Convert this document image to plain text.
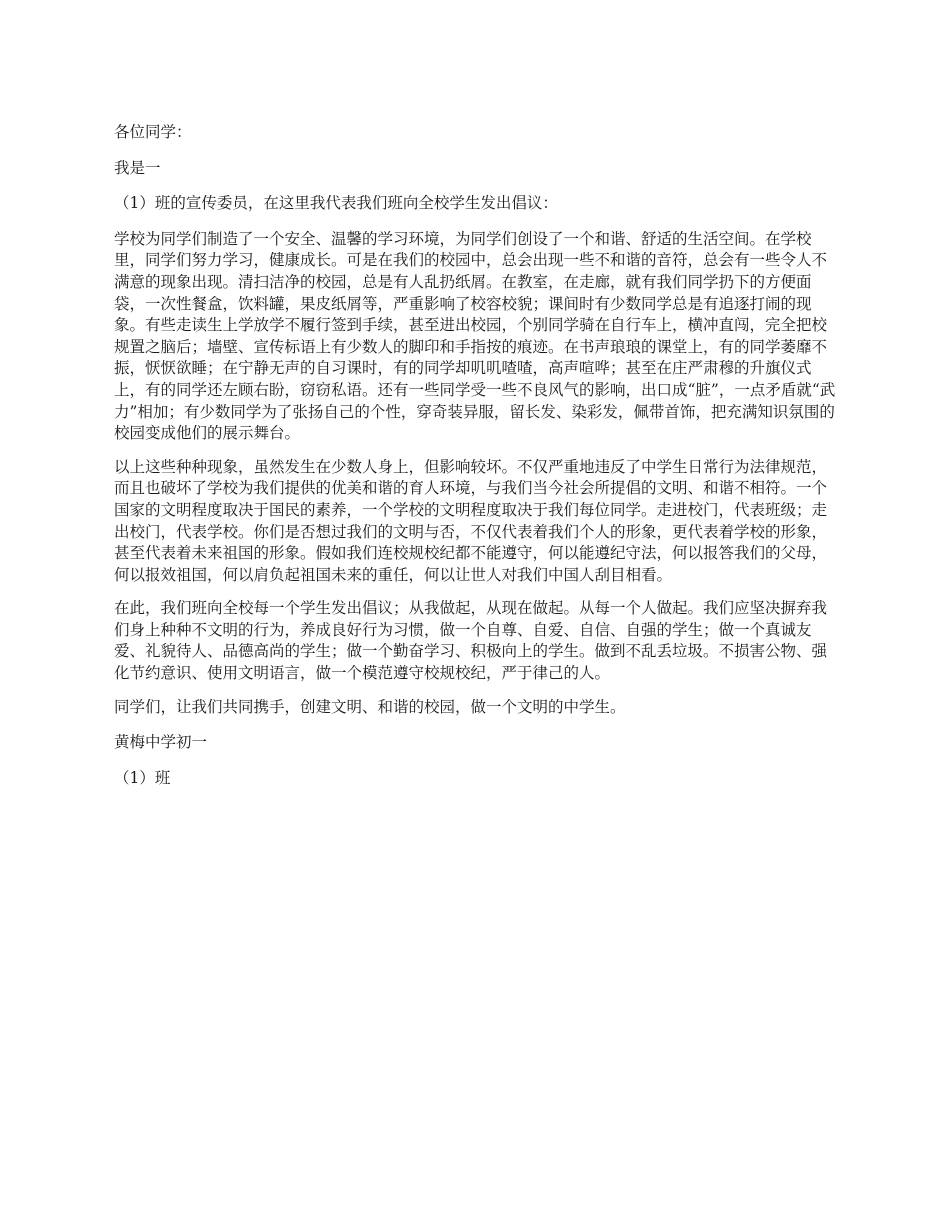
各位同学：

我是一

（1）班的宣传委员，在这里我代表我们班向全校学生发出倡议：

学校为同学们制造了一个安全、温馨的学习环境，为同学们创设了一个和谐、舒适的生活空间。在学校里，同学们努力学习，健康成长。可是在我们的校园中，总会出现一些不和谐的音符，总会有一些令人不满意的现象出现。清扫洁净的校园，总是有人乱扔纸屑。在教室，在走廊，就有我们同学扔下的方便面袋，一次性餐盒，饮料罐，果皮纸屑等，严重影响了校容校貌；课间时有少数同学总是有追逐打闹的现象。有些走读生上学放学不履行签到手续，甚至进出校园，个别同学骑在自行车上，横冲直闯，完全把校规置之脑后；墙壁、宣传标语上有少数人的脚印和手指按的痕迹。在书声琅琅的课堂上，有的同学萎靡不振，恹恹欲睡；在宁静无声的自习课时，有的同学却叽叽喳喳，高声喧哗；甚至在庄严肃穆的升旗仪式上，有的同学还左顾右盼，窃窃私语。还有一些同学受一些不良风气的影响，出口成“脏”，一点矛盾就“武力”相加；有少数同学为了张扬自己的个性，穿奇装异服，留长发、染彩发，佩带首饰，把充满知识氛围的校园变成他们的展示舞台。

以上这些种种现象，虽然发生在少数人身上，但影响较坏。不仅严重地违反了中学生日常行为法律规范，而且也破坏了学校为我们提供的优美和谐的育人环境，与我们当今社会所提倡的文明、和谐不相符。一个国家的文明程度取决于国民的素养，一个学校的文明程度取决于我们每位同学。走进校门，代表班级；走出校门，代表学校。你们是否想过我们的文明与否，不仅代表着我们个人的形象，更代表着学校的形象，甚至代表着未来祖国的形象。假如我们连校规校纪都不能遵守，何以能遵纪守法，何以报答我们的父母，何以报效祖国，何以肩负起祖国未来的重任，何以让世人对我们中国人刮目相看。

在此，我们班向全校每一个学生发出倡议；从我做起，从现在做起。从每一个人做起。我们应坚决摒弃我们身上种种不文明的行为，养成良好行为习惯，做一个自尊、自爱、自信、自强的学生；做一个真诚友爱、礼貌待人、品德高尚的学生；做一个勤奋学习、积极向上的学生。做到不乱丢垃圾。不损害公物、强化节约意识、使用文明语言，做一个模范遵守校规校纪，严于律己的人。

同学们，让我们共同携手，创建文明、和谐的校园，做一个文明的中学生。

黄梅中学初一

（1）班
